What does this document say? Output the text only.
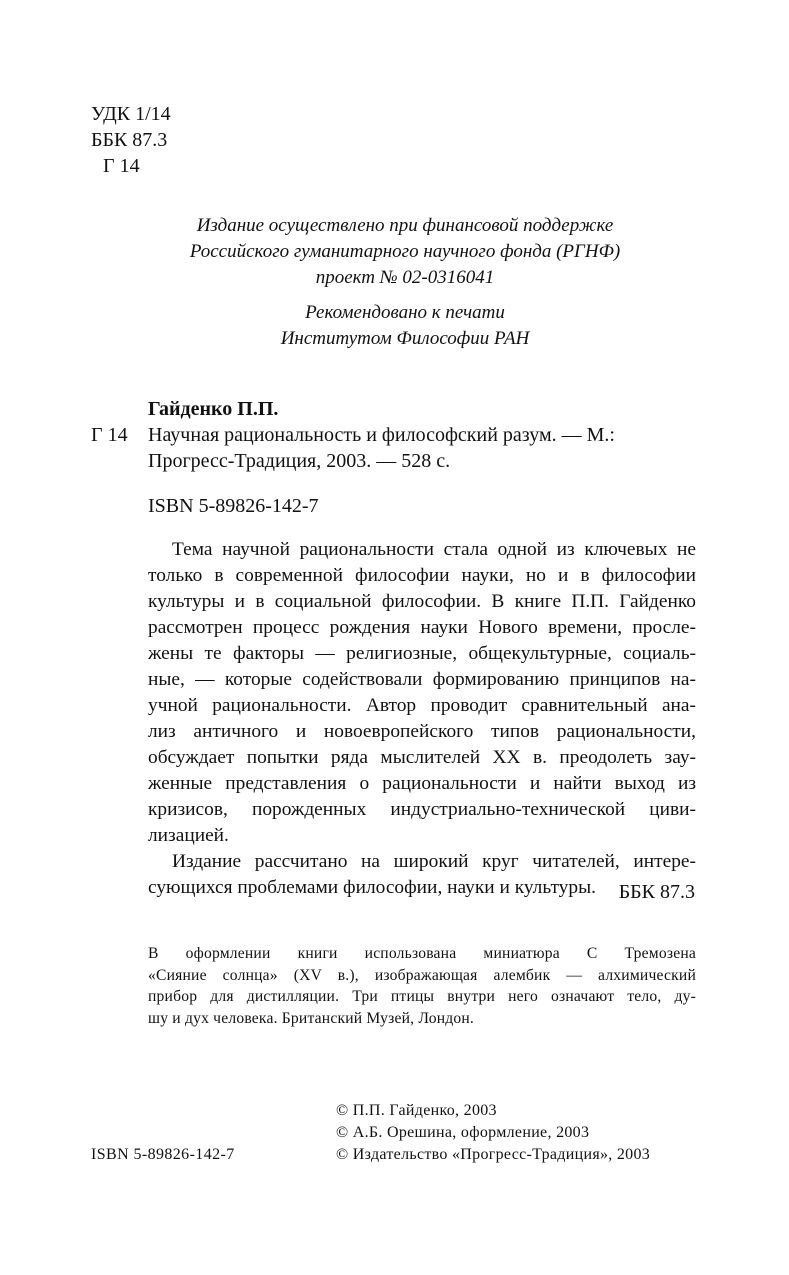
УДК 1/14
ББК 87.3
Г 14
Издание осуществлено при финансовой поддержке
Российского гуманитарного научного фонда (РГНФ)
проект № 02-0316041
Рекомендовано к печати
Институтом Философии РАН
Гайденко П.П.
Г 14 Научная рациональность и философский разум. — М.:
Прогресс-Традиция, 2003. — 528 с.
ISBN 5-89826-142-7
Тема научной рациональности стала одной из ключевых не
только в современной философии науки, но и в философии
культуры и в социальной философии. В книге П.П. Гайденко
рассмотрен процесс рождения науки Нового времени, просле-
жены те факторы — религиозные, общекультурные, социаль-
ные, — которые содействовали формированию принципов на-
учной рациональности. Автор проводит сравнительный ана-
лиз античного и новоевропейского типов рациональности,
обсуждает попытки ряда мыслителей XX в. преодолеть зау-
женные представления о рациональности и найти выход из
кризисов, порожденных индустриально-технической циви-
лизацией.
Издание рассчитано на широкий круг читателей, интере-
сующихся проблемами философии, науки и культуры.	ББК 87.3
В оформлении книги использована миниатюра С Тремозена
«Сияние солнца» (XV в.), изображающая алембик — алхимический
прибор для дистилляции. Три птицы внутри него означают тело, ду-
шу и дух человека. Британский Музей, Лондон.
© П.П. Гайденко, 2003
© А.Б. Орешина, оформление, 2003
© Издательство «Прогресс-Традиция», 2003
ISBN 5-89826-142-7
